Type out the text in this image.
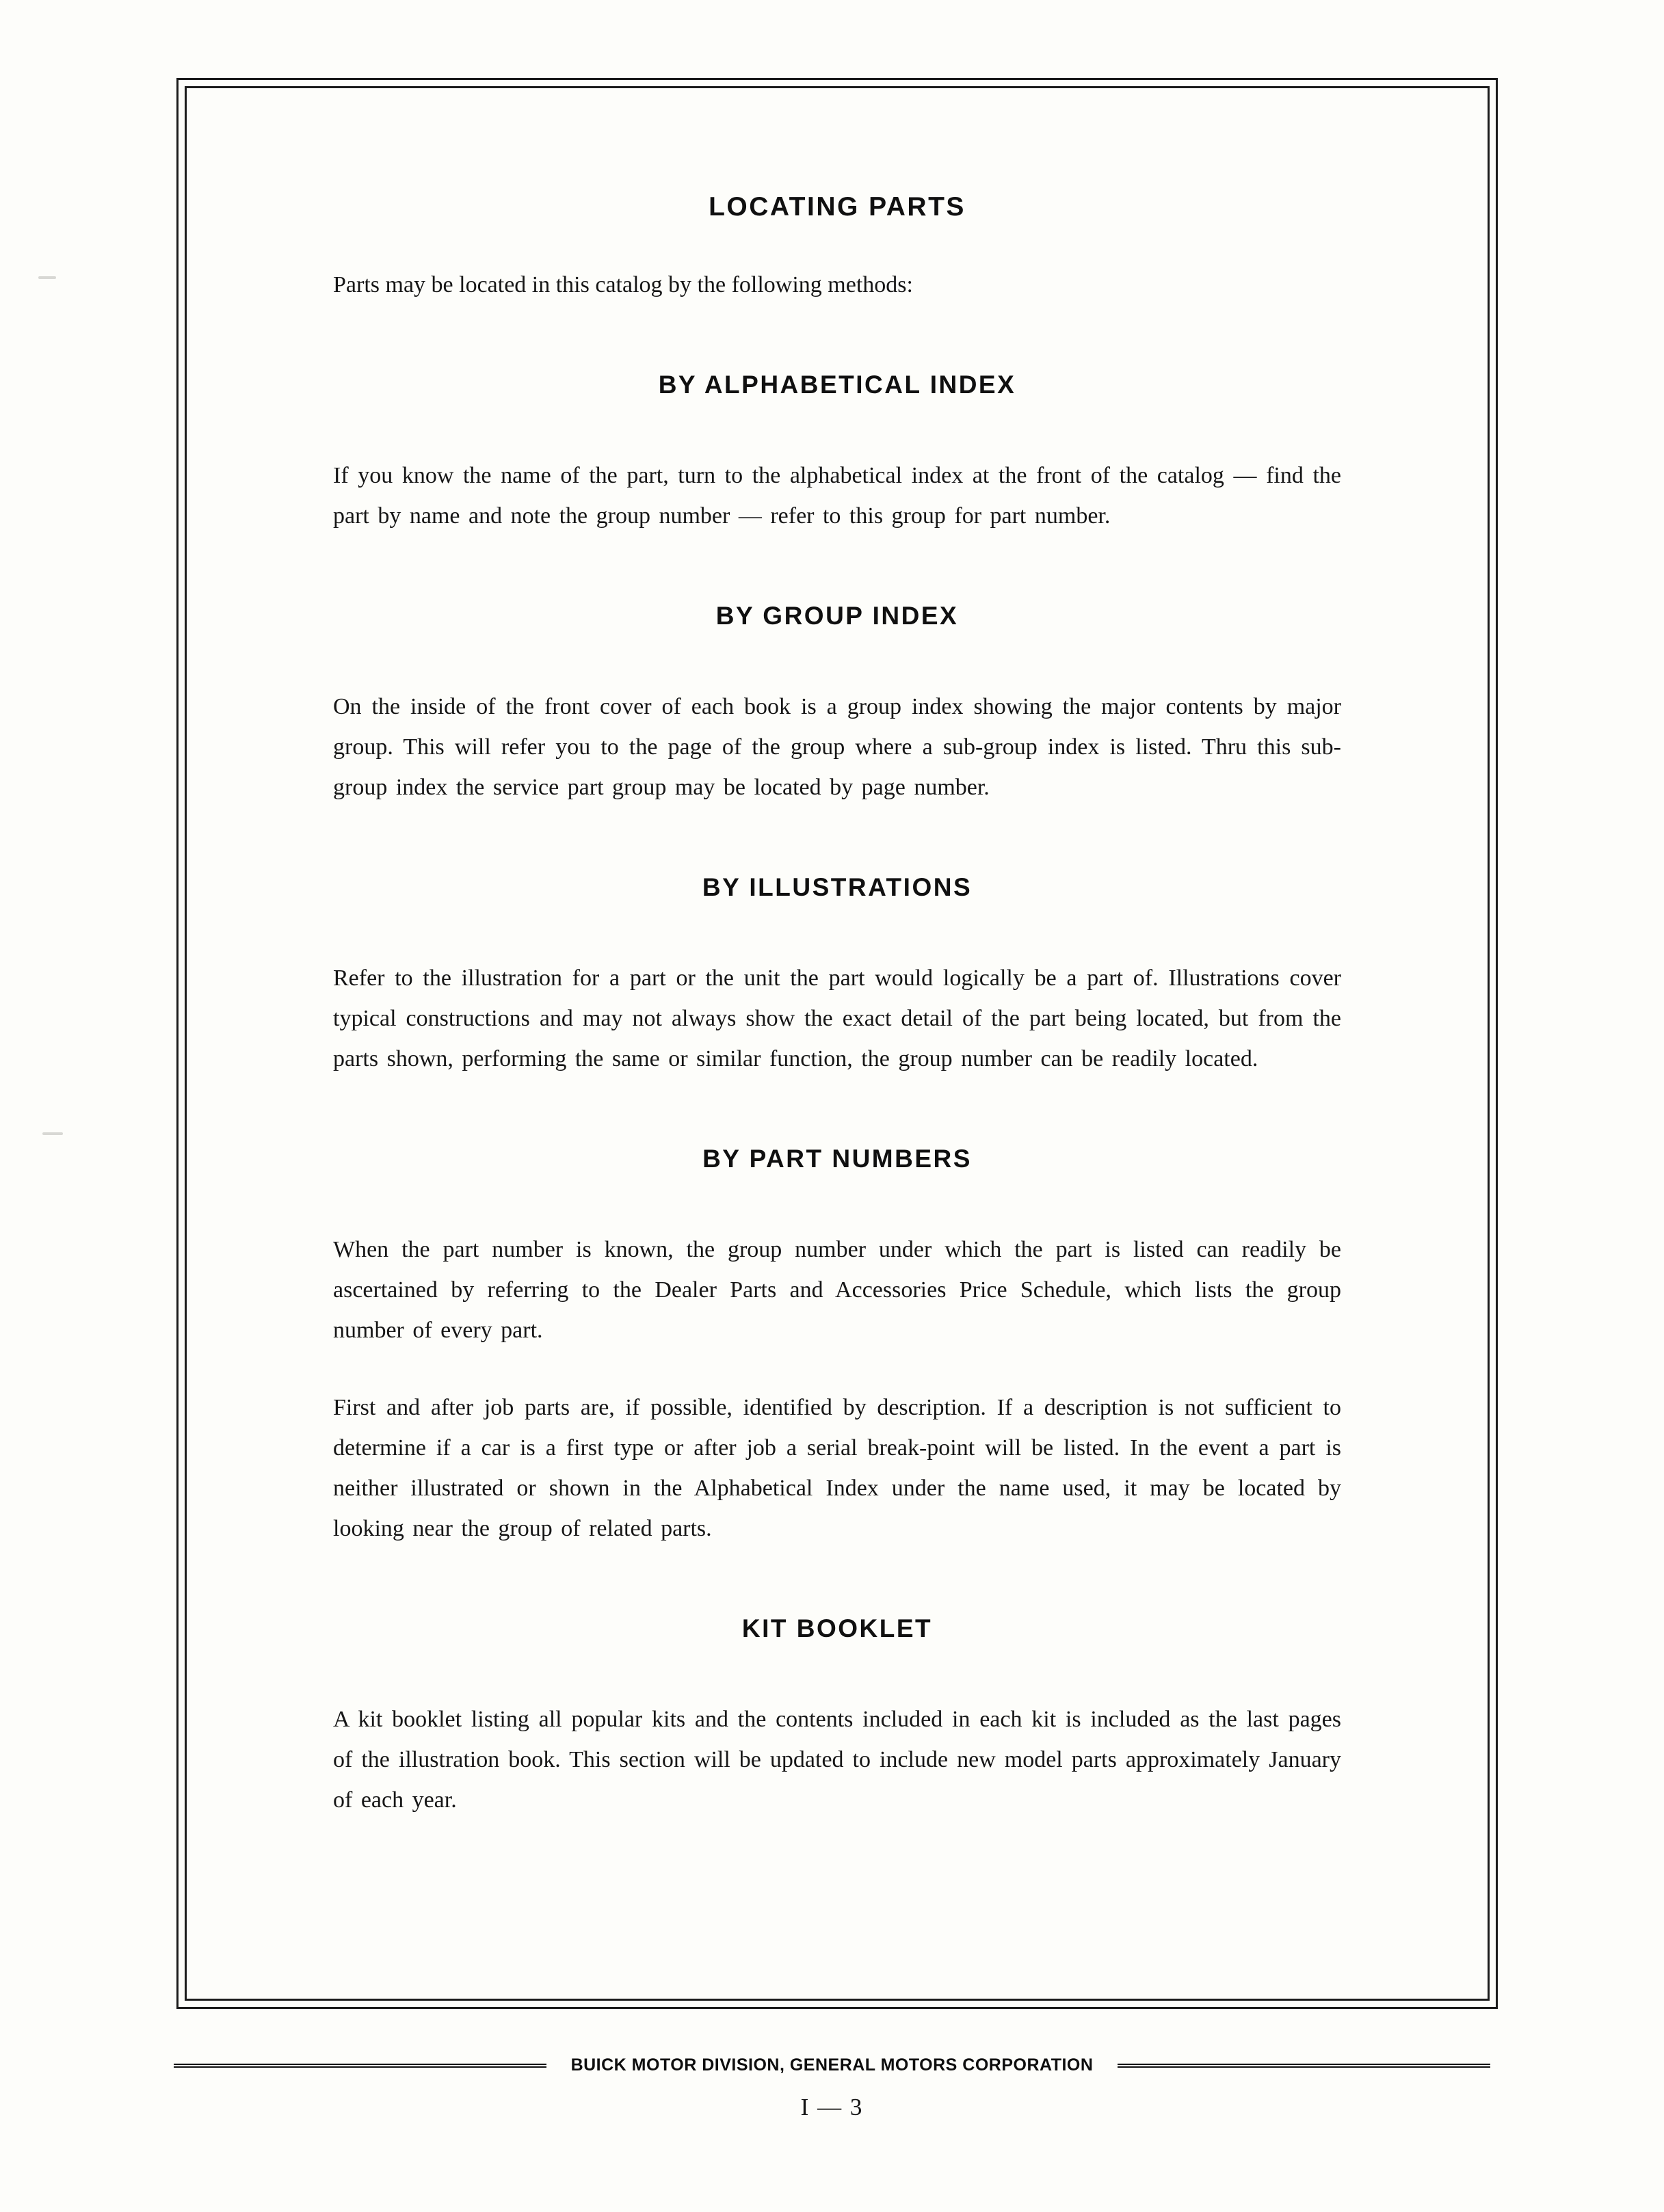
LOCATING PARTS

Parts may be located in this catalog by the following methods:

BY ALPHABETICAL INDEX

If you know the name of the part, turn to the alphabetical index at the front of the catalog — find the part by name and note the group number — refer to this group for part number.

BY GROUP INDEX

On the inside of the front cover of each book is a group index showing the major contents by major group. This will refer you to the page of the group where a sub-group index is listed. Thru this sub-group index the service part group may be located by page number.

BY ILLUSTRATIONS

Refer to the illustration for a part or the unit the part would logically be a part of. Illustrations cover typical constructions and may not always show the exact detail of the part being located, but from the parts shown, performing the same or similar function, the group number can be readily located.

BY PART NUMBERS

When the part number is known, the group number under which the part is listed can readily be ascertained by referring to the Dealer Parts and Accessories Price Schedule, which lists the group number of every part.

First and after job parts are, if possible, identified by description. If a description is not sufficient to determine if a car is a first type or after job a serial break-point will be listed. In the event a part is neither illustrated or shown in the Alphabetical Index under the name used, it may be located by looking near the group of related parts.

KIT BOOKLET

A kit booklet listing all popular kits and the contents included in each kit is included as the last pages of the illustration book. This section will be updated to include new model parts approximately January of each year.

BUICK MOTOR DIVISION, GENERAL MOTORS CORPORATION
I — 3
